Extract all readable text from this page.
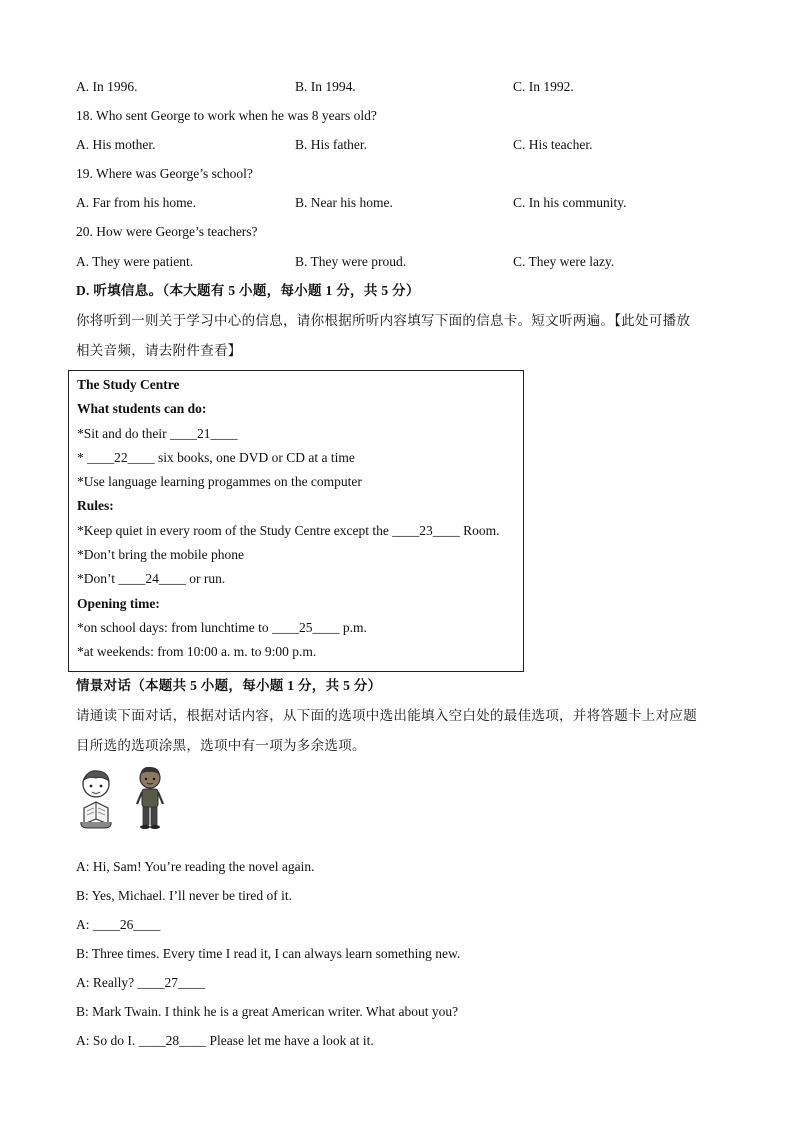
A. In 1996.	B. In 1994.	C. In 1992.
18. Who sent George to work when he was 8 years old?
A. His mother.	B. His father.	C. His teacher.
19. Where was George’s school?
A. Far from his home.	B. Near his home.	C. In his community.
20. How were George’s teachers?
A. They were patient.	B. They were proud.	C. They were lazy.
D. 听填信息。（本大题有 5 小题，每小题 1 分，共 5 分）
你将听到一则关于学习中心的信息，请你根据所听内容填写下面的信息卡。短文听两遍。【此处可播放
相关音频，请去附件查看】
The Study Centre
What students can do:
*Sit and do their ____21____
* ____22____ six books, one DVD or CD at a time
*Use language learning progammes on the computer
Rules:
*Keep quiet in every room of the Study Centre except the ____23____ Room.
*Don’t bring the mobile phone
*Don’t ____24____ or run.
Opening time:
*on school days: from lunchtime to ____25____ p.m.
*at weekends: from 10:00 a. m. to 9:00 p.m.
情景对话（本题共 5 小题，每小题 1 分，共 5 分）
请通读下面对话，根据对话内容，从下面的选项中选出能填入空白处的最佳选项，并将答题卡上对应题
目所选的选项涂黑，选项中有一项为多余选项。
A: Hi, Sam! You’re reading the novel again.
B: Yes, Michael. I’ll never be tired of it.
A: ____26____
B: Three times. Every time I read it, I can always learn something new.
A: Really? ____27____
B: Mark Twain. I think he is a great American writer. What about you?
A: So do I. ____28____ Please let me have a look at it.
